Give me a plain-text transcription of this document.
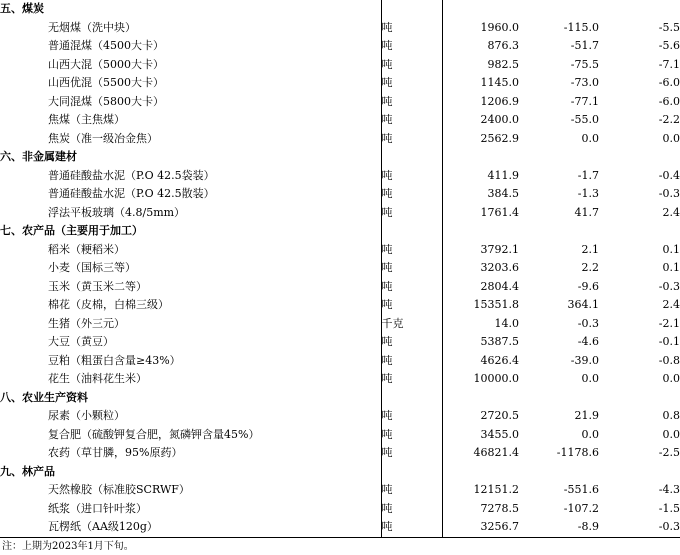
五、煤炭				
无烟煤（洗中块）	吨	1960.0	-115.0	-5.5
普通混煤（4500大卡）	吨	876.3	-51.7	-5.6
山西大混（5000大卡）	吨	982.5	-75.5	-7.1
山西优混（5500大卡）	吨	1145.0	-73.0	-6.0
大同混煤（5800大卡）	吨	1206.9	-77.1	-6.0
焦煤（主焦煤）	吨	2400.0	-55.0	-2.2
焦炭（准一级冶金焦）	吨	2562.9	0.0	0.0
六、非金属建材				
普通硅酸盐水泥（P.O 42.5袋装）	吨	411.9	-1.7	-0.4
普通硅酸盐水泥（P.O 42.5散装）	吨	384.5	-1.3	-0.3
浮法平板玻璃（4.8/5mm）	吨	1761.4	41.7	2.4
七、农产品（主要用于加工）				
稻米（粳稻米）	吨	3792.1	2.1	0.1
小麦（国标三等）	吨	3203.6	2.2	0.1
玉米（黄玉米二等）	吨	2804.4	-9.6	-0.3
棉花（皮棉，白棉三级）	吨	15351.8	364.1	2.4
生猪（外三元）	千克	14.0	-0.3	-2.1
大豆（黄豆）	吨	5387.5	-4.6	-0.1
豆粕（粗蛋白含量≥43%）	吨	4626.4	-39.0	-0.8
花生（油料花生米）	吨	10000.0	0.0	0.0
八、农业生产资料				
尿素（小颗粒）	吨	2720.5	21.9	0.8
复合肥（硫酸钾复合肥，氮磷钾含量45%）	吨	3455.0	0.0	0.0
农药（草甘膦，95%原药）	吨	46821.4	-1178.6	-2.5
九、林产品				
天然橡胶（标准胶SCRWF）	吨	12151.2	-551.6	-4.3
纸浆（进口针叶浆）	吨	7278.5	-107.2	-1.5
瓦楞纸（AA级120g）	吨	3256.7	-8.9	-0.3
注：上期为2023年1月下旬。
